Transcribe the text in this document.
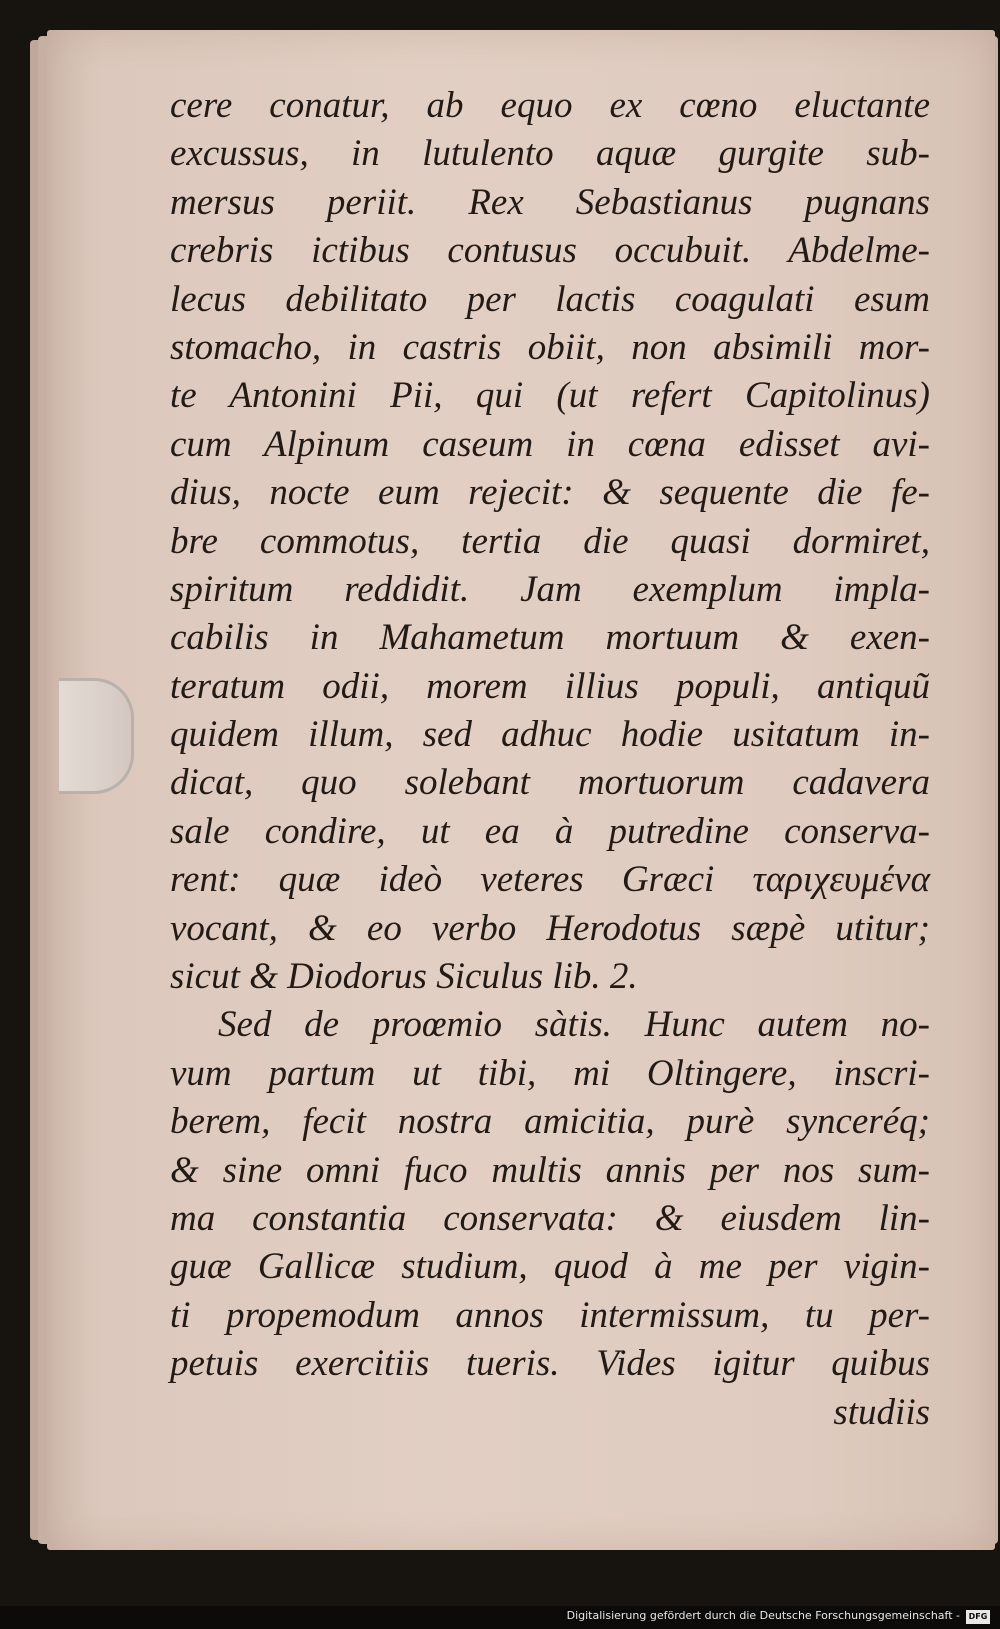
cere conatur, ab equo ex cœno eluctante
excussus, in lutulento aquæ gurgite sub-
mersus periit. Rex Sebastianus pugnans
crebris ictibus contusus occubuit. Abdelme-
lecus debilitato per lactis coagulati esum
stomacho, in castris obiit, non absimili mor-
te Antonini Pii, qui (ut refert Capitolinus)
cum Alpinum caseum in cœna edisset avi-
dius, nocte eum rejecit: & sequente die fe-
bre commotus, tertia die quasi dormiret,
spiritum reddidit. Jam exemplum impla-
cabilis in Mahametum mortuum & exen-
teratum odii, morem illius populi, antiquũ
quidem illum, sed adhuc hodie usitatum in-
dicat, quo solebant mortuorum cadavera
sale condire, ut ea à putredine conserva-
rent: quæ ideò veteres Græci ταριχευμένα
vocant, & eo verbo Herodotus sæpè utitur;
sicut & Diodorus Siculus lib. 2.
Sed de proœmio sàtis. Hunc autem no-
vum partum ut tibi, mi Oltingere, inscri-
berem, fecit nostra amicitia, purè synceréq;
& sine omni fuco multis annis per nos sum-
ma constantia conservata: & eiusdem lin-
guæ Gallicæ studium, quod à me per vigin-
ti propemodum annos intermissum, tu per-
petuis exercitiis tueris. Vides igitur quibus
studiis
Digitalisierung gefördert durch die Deutsche Forschungsgemeinschaft -	DFG
